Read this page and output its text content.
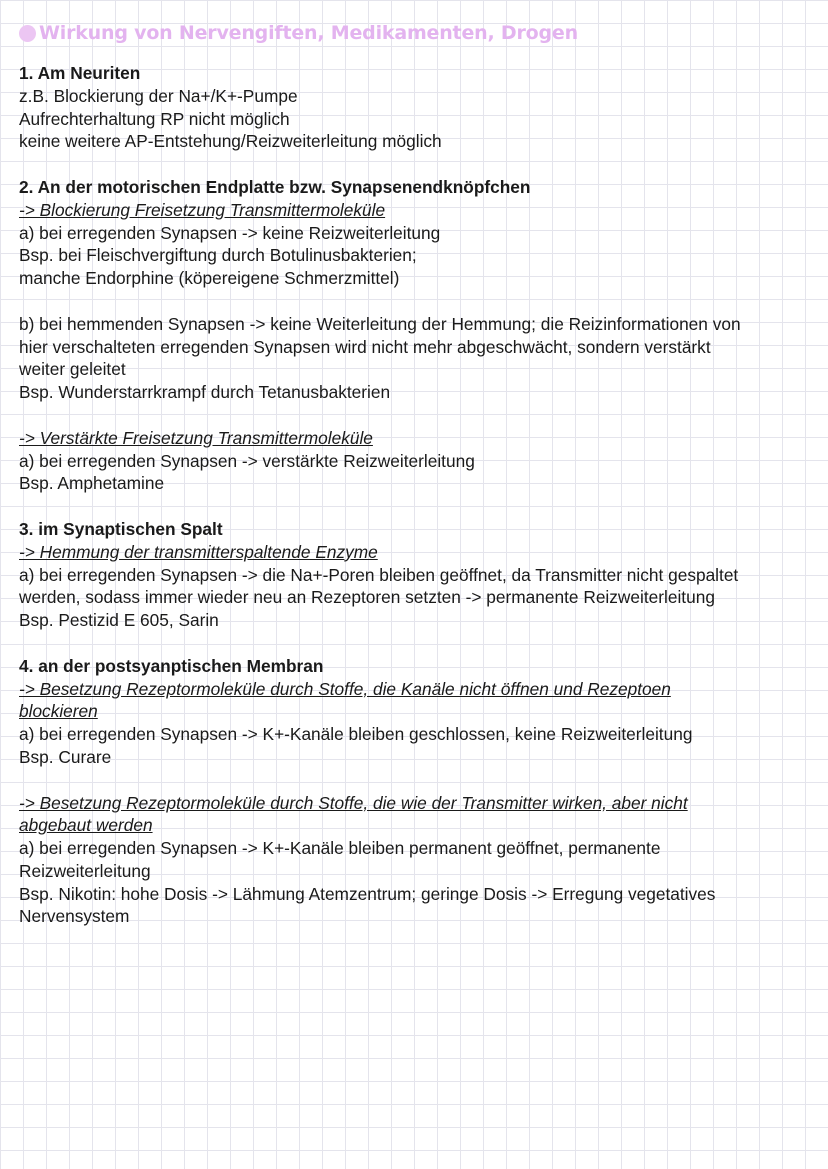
Wirkung von Nervengiften, Medikamenten, Drogen
1. Am Neuriten
z.B. Blockierung der Na+/K+-Pumpe
Aufrechterhaltung RP nicht möglich
keine weitere AP-Entstehung/Reizweiterleitung möglich
2. An der motorischen Endplatte bzw. Synapsenendknöpfchen
-> Blockierung Freisetzung Transmittermoleküle
a) bei erregenden Synapsen -> keine Reizweiterleitung
Bsp. bei Fleischvergiftung durch Botulinusbakterien;
manche Endorphine (köpereigene Schmerzmittel)
b) bei hemmenden Synapsen -> keine Weiterleitung der Hemmung; die Reizinformationen von
hier verschalteten erregenden Synapsen wird nicht mehr abgeschwächt, sondern verstärkt
weiter geleitet
Bsp. Wunderstarrkrampf durch Tetanusbakterien
-> Verstärkte Freisetzung Transmittermoleküle
a) bei erregenden Synapsen -> verstärkte Reizweiterleitung
Bsp. Amphetamine
3. im Synaptischen Spalt
-> Hemmung der transmitterspaltende Enzyme
a) bei erregenden Synapsen -> die Na+-Poren bleiben geöffnet, da Transmitter nicht gespaltet
werden, sodass immer wieder neu an Rezeptoren setzten -> permanente Reizweiterleitung
Bsp. Pestizid E 605, Sarin
4. an der postsyanptischen Membran
-> Besetzung Rezeptormoleküle durch Stoffe, die Kanäle nicht öffnen und Rezeptoen
blockieren
a) bei erregenden Synapsen -> K+-Kanäle bleiben geschlossen, keine Reizweiterleitung
Bsp. Curare
-> Besetzung Rezeptormoleküle durch Stoffe, die wie der Transmitter wirken, aber nicht
abgebaut werden
a) bei erregenden Synapsen -> K+-Kanäle bleiben permanent geöffnet, permanente
Reizweiterleitung
Bsp. Nikotin: hohe Dosis -> Lähmung Atemzentrum; geringe Dosis -> Erregung vegetatives
Nervensystem
